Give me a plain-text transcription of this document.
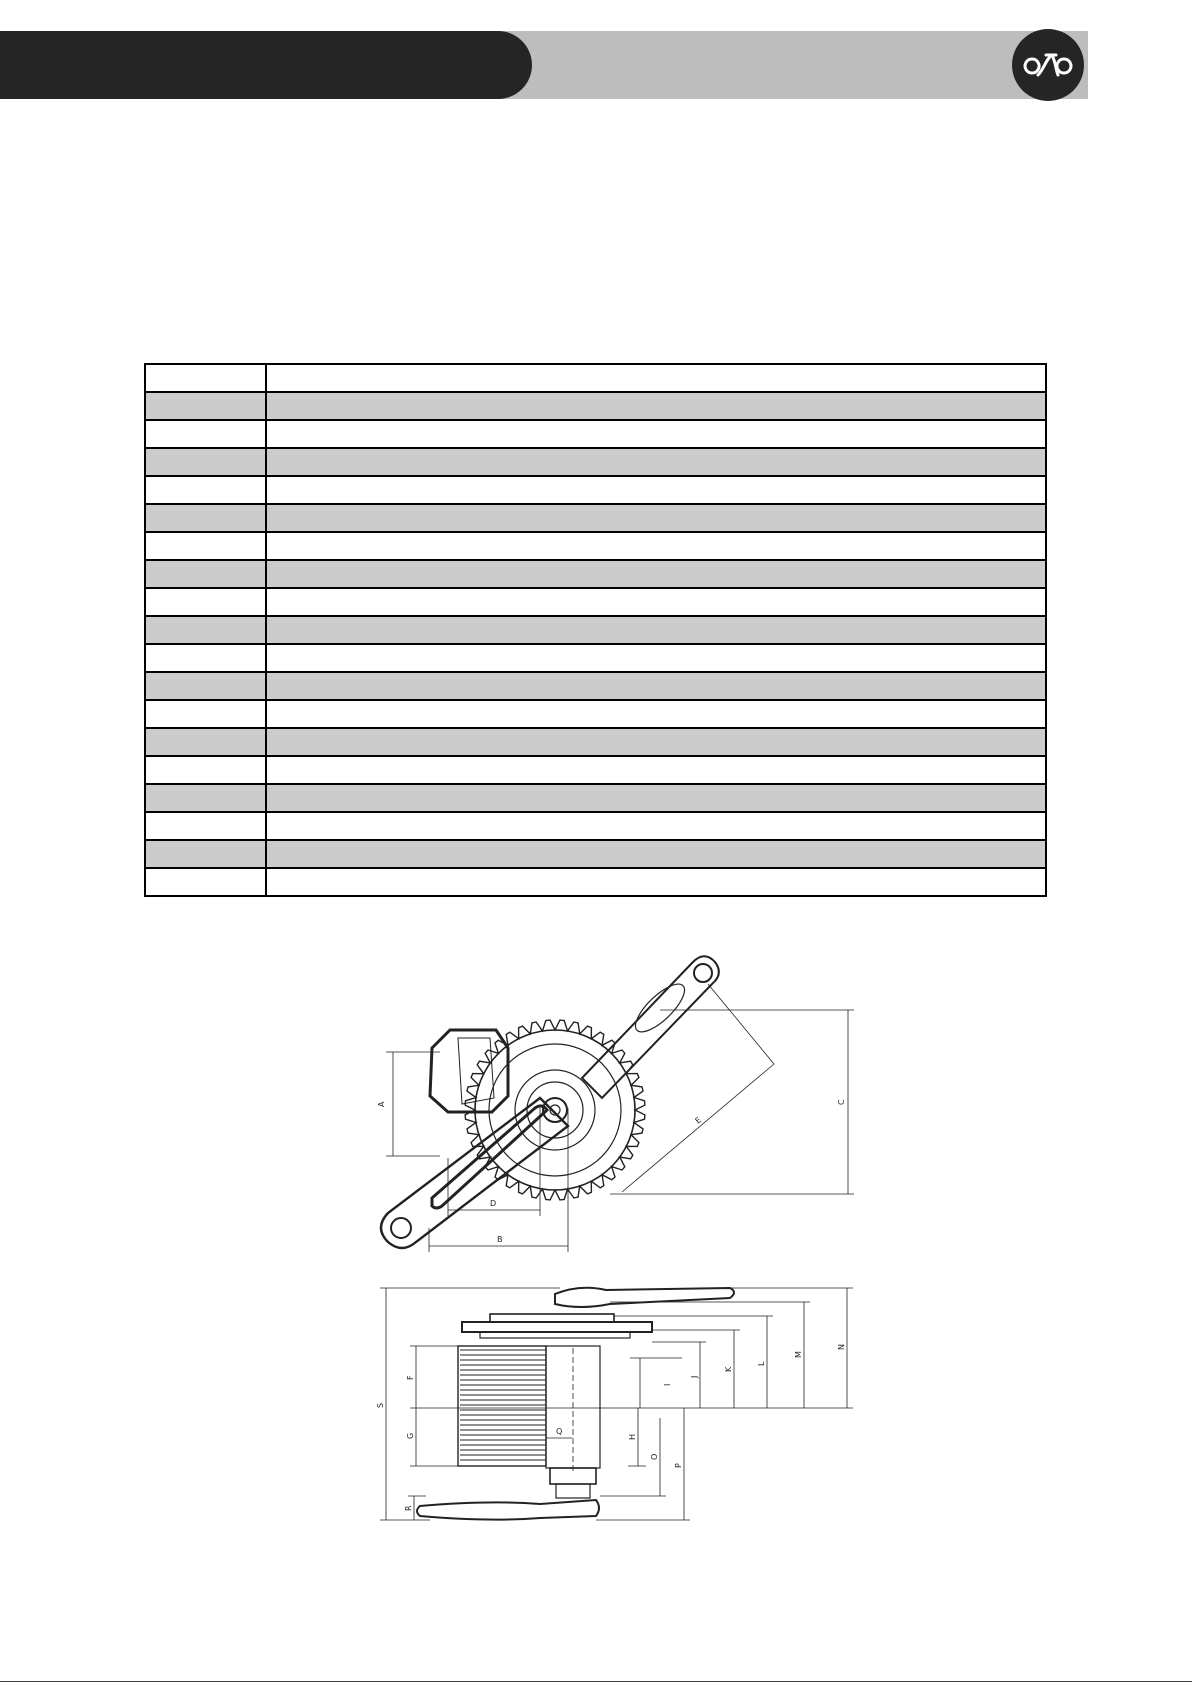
A
D
B
C
E
S
R
F
G	Q
H
I
J
K
L
M
N
O
P
